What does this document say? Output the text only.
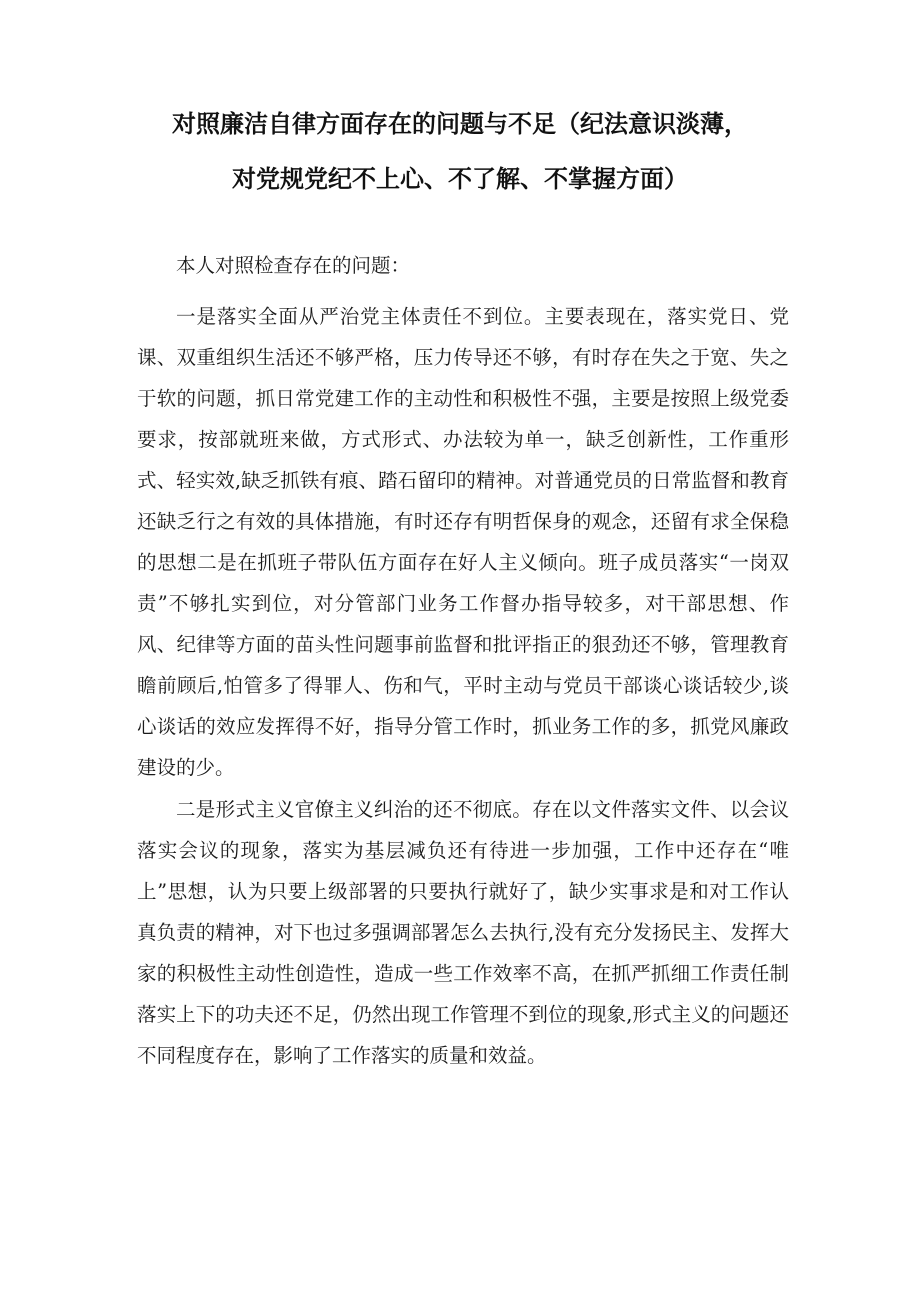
对照廉洁自律方面存在的问题与不足（纪法意识淡薄，
对党规党纪不上心、不了解、不掌握方面）

本人对照检查存在的问题：

一是落实全面从严治党主体责任不到位。主要表现在，落实党日、党课、双重组织生活还不够严格，压力传导还不够，有时存在失之于宽、失之于软的问题，抓日常党建工作的主动性和积极性不强，主要是按照上级党委要求，按部就班来做，方式形式、办法较为单一，缺乏创新性，工作重形式、轻实效,缺乏抓铁有痕、踏石留印的精神。对普通党员的日常监督和教育还缺乏行之有效的具体措施，有时还存有明哲保身的观念，还留有求全保稳的思想二是在抓班子带队伍方面存在好人主义倾向。班子成员落实“一岗双责”不够扎实到位，对分管部门业务工作督办指导较多，对干部思想、作风、纪律等方面的苗头性问题事前监督和批评指正的狠劲还不够，管理教育瞻前顾后,怕管多了得罪人、伤和气，平时主动与党员干部谈心谈话较少,谈心谈话的效应发挥得不好，指导分管工作时，抓业务工作的多，抓党风廉政建设的少。

二是形式主义官僚主义纠治的还不彻底。存在以文件落实文件、以会议落实会议的现象，落实为基层减负还有待进一步加强，工作中还存在“唯上”思想，认为只要上级部署的只要执行就好了，缺少实事求是和对工作认真负责的精神，对下也过多强调部署怎么去执行,没有充分发扬民主、发挥大家的积极性主动性创造性，造成一些工作效率不高，在抓严抓细工作责任制落实上下的功夫还不足，仍然出现工作管理不到位的现象,形式主义的问题还不同程度存在，影响了工作落实的质量和效益。
